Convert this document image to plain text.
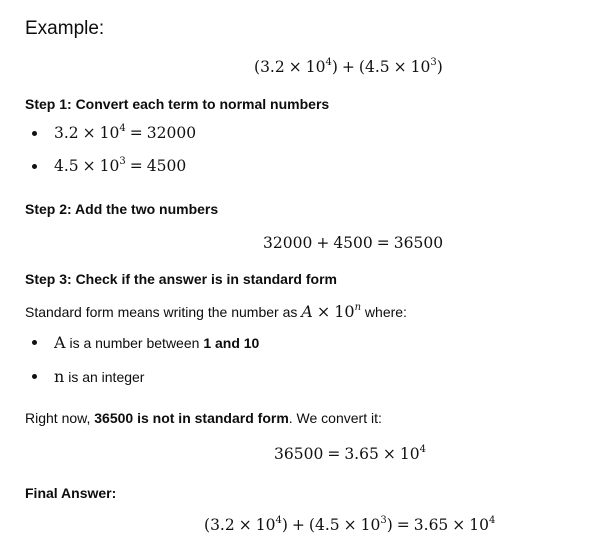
Example:
$(3.2 \times 10^4) + (4.5 \times 10^3)$
Step 1: Convert each term to normal numbers
$3.2 \times 10^4 = 32000$
$4.5 \times 10^3 = 4500$
Step 2: Add the two numbers
32000 + 4500 = 36500
Step 3: Check if the answer is in standard form
Standard form means writing the number as $A \times 10^n$ where:
A is a number between 1 and 10
n is an integer
Right now, 36500 is not in standard form. We convert it:
$36500 = 3.65 \times 10^4$
Final Answer:
$(3.2 \times 10^4) + (4.5 \times 10^3) = 3.65 \times 10^4$
